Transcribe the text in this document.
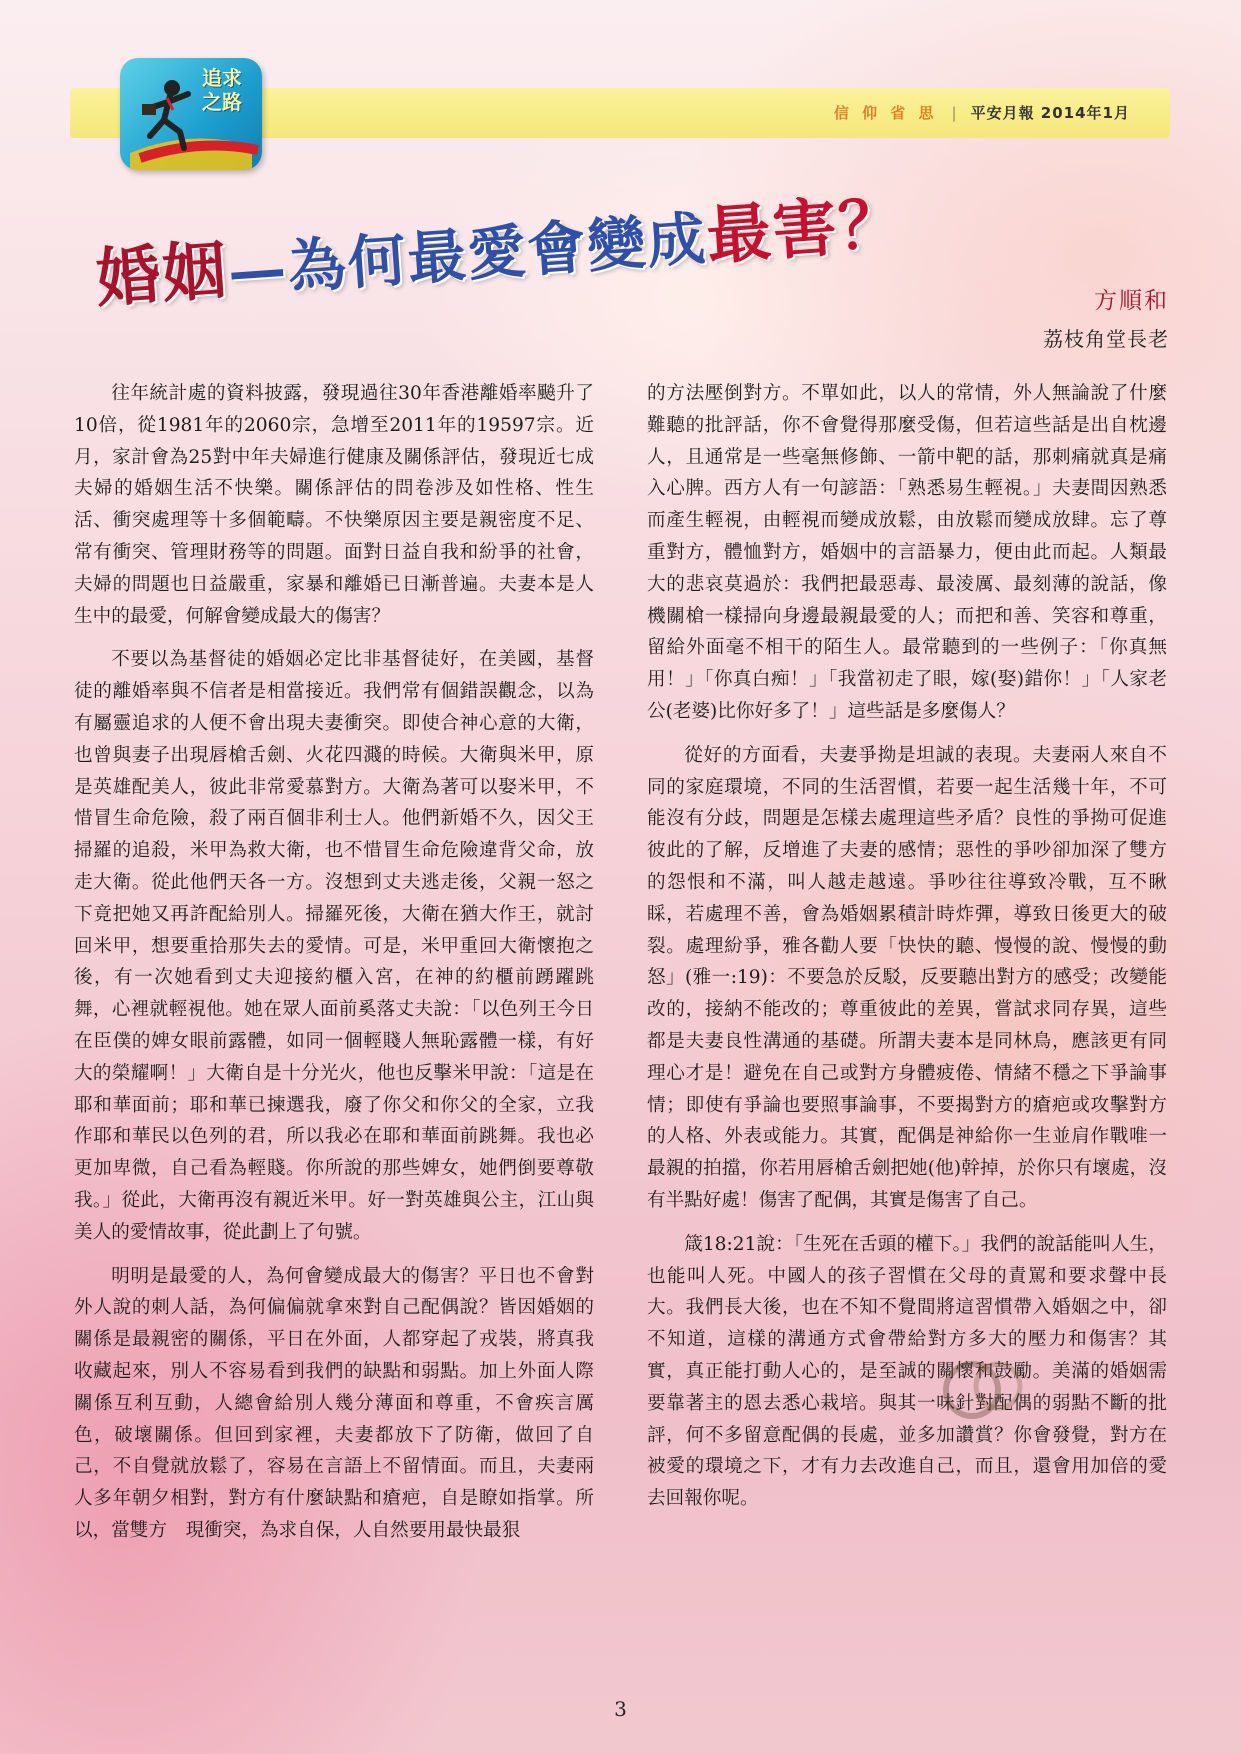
信 仰 省 思 | 平安月報 2014年1月
追求之路
婚姻—為何最愛會變成最害？
方順和
荔枝角堂長老

往年統計處的資料披露，發現過往30年香港離婚率飈升了10倍，從1981年的2060宗，急增至2011年的19597宗。近月，家計會為25對中年夫婦進行健康及關係評估，發現近七成夫婦的婚姻生活不快樂。關係評估的問卷涉及如性格、性生活、衝突處理等十多個範疇。不快樂原因主要是親密度不足、常有衝突、管理財務等的問題。面對日益自我和紛爭的社會，夫婦的問題也日益嚴重，家暴和離婚已日漸普遍。夫妻本是人生中的最愛，何解會變成最大的傷害？

不要以為基督徒的婚姻必定比非基督徒好，在美國，基督徒的離婚率與不信者是相當接近。我們常有個錯誤觀念，以為有屬靈追求的人便不會出現夫妻衝突。即使合神心意的大衛，也曾與妻子出現唇槍舌劍、火花四濺的時候。大衛與米甲，原是英雄配美人，彼此非常愛慕對方。大衛為著可以娶米甲，不惜冒生命危險，殺了兩百個非利士人。他們新婚不久，因父王掃羅的追殺，米甲為救大衛，也不惜冒生命危險違背父命，放走大衛。從此他們天各一方。沒想到丈夫逃走後，父親一怒之下竟把她又再許配給別人。掃羅死後，大衛在猶大作王，就討回米甲，想要重拾那失去的愛情。可是，米甲重回大衛懷抱之後，有一次她看到丈夫迎接約櫃入宮，在神的約櫃前踴躍跳舞，心裡就輕視他。她在眾人面前奚落丈夫說：「以色列王今日在臣僕的婢女眼前露體，如同一個輕賤人無恥露體一樣，有好大的榮耀啊！」大衛自是十分光火，他也反擊米甲說：「這是在耶和華面前；耶和華已揀選我，廢了你父和你父的全家，立我作耶和華民以色列的君，所以我必在耶和華面前跳舞。我也必更加卑微，自己看為輕賤。你所說的那些婢女，她們倒要尊敬我。」從此，大衛再沒有親近米甲。好一對英雄與公主，江山與美人的愛情故事，從此劃上了句號。

明明是最愛的人，為何會變成最大的傷害？平日也不會對外人說的刺人話，為何偏偏就拿來對自己配偶說？皆因婚姻的關係是最親密的關係，平日在外面，人都穿起了戎裝，將真我收藏起來，別人不容易看到我們的缺點和弱點。加上外面人際關係互利互動，人總會給別人幾分薄面和尊重，不會疾言厲色，破壞關係。但回到家裡，夫妻都放下了防衛，做回了自己，不自覺就放鬆了，容易在言語上不留情面。而且，夫妻兩人多年朝夕相對，對方有什麼缺點和瘡疤，自是瞭如指掌。所以，當雙方　現衝突，為求自保，人自然要用最快最狠

的方法壓倒對方。不單如此，以人的常情，外人無論說了什麼難聽的批評話，你不會覺得那麼受傷，但若這些話是出自枕邊人，且通常是一些毫無修飾、一箭中靶的話，那刺痛就真是痛入心脾。西方人有一句諺語：「熟悉易生輕視。」夫妻間因熟悉而產生輕視，由輕視而變成放鬆，由放鬆而變成放肆。忘了尊重對方，體恤對方，婚姻中的言語暴力，便由此而起。人類最大的悲哀莫過於：我們把最惡毒、最淩厲、最刻薄的說話，像機關槍一樣掃向身邊最親最愛的人；而把和善、笑容和尊重，留給外面毫不相干的陌生人。最常聽到的一些例子：「你真無用！」「你真白痴！」「我當初走了眼，嫁(娶)錯你！」「人家老公(老婆)比你好多了！」這些話是多麼傷人？

從好的方面看，夫妻爭拗是坦誠的表現。夫妻兩人來自不同的家庭環境，不同的生活習慣，若要一起生活幾十年，不可能沒有分歧，問題是怎樣去處理這些矛盾？良性的爭拗可促進彼此的了解，反增進了夫妻的感情；惡性的爭吵卻加深了雙方的怨恨和不滿，叫人越走越遠。爭吵往往導致冷戰，互不瞅睬，若處理不善，會為婚姻累積計時炸彈，導致日後更大的破裂。處理紛爭，雅各勸人要「快快的聽、慢慢的說、慢慢的動怒」(雅一:19)：不要急於反駁，反要聽出對方的感受；改變能改的，接納不能改的；尊重彼此的差異，嘗試求同存異，這些都是夫妻良性溝通的基礎。所謂夫妻本是同林鳥，應該更有同理心才是！避免在自己或對方身體疲倦、情緒不穩之下爭論事情；即使有爭論也要照事論事，不要揭對方的瘡疤或攻擊對方的人格、外表或能力。其實，配偶是神給你一生並肩作戰唯一最親的拍擋，你若用唇槍舌劍把她(他)幹掉，於你只有壞處，沒有半點好處！傷害了配偶，其實是傷害了自己。

箴18:21說：「生死在舌頭的權下。」我們的說話能叫人生，也能叫人死。中國人的孩子習慣在父母的責罵和要求聲中長大。我們長大後，也在不知不覺間將這習慣帶入婚姻之中，卻不知道，這樣的溝通方式會帶給對方多大的壓力和傷害？其實，真正能打動人心的，是至誠的關懷和鼓勵。美滿的婚姻需要靠著主的恩去悉心栽培。與其一味針對配偶的弱點不斷的批評，何不多留意配偶的長處，並多加讚賞？你會發覺，對方在被愛的環境之下，才有力去改進自己，而且，還會用加倍的愛去回報你呢。

3
